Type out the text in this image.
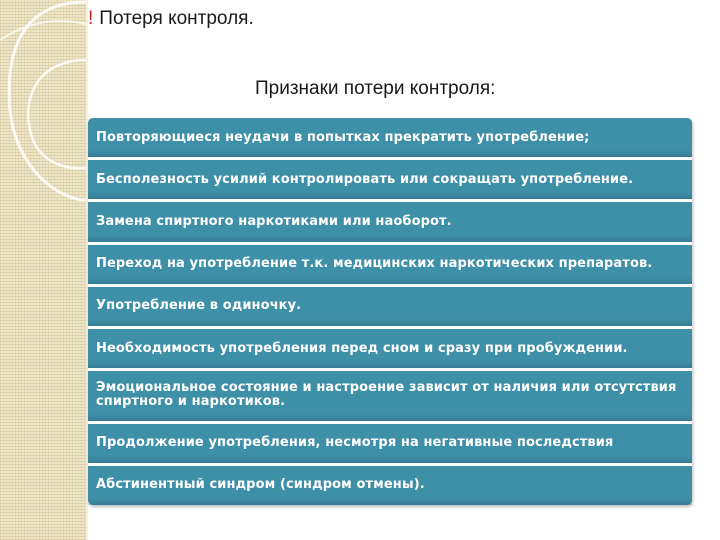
! Потеря контроля.
Признаки потери контроля:
Повторяющиеся неудачи в попытках прекратить употребление;
Бесполезность усилий контролировать или сокращать употребление.
Замена спиртного наркотиками или наоборот.
Переход на употребление т.к. медицинских наркотических препаратов.
Употребление в одиночку.
Необходимость употребления перед сном и сразу при пробуждении.
Эмоциональное состояние и настроение зависит от наличия или отсутствия спиртного и наркотиков.
Продолжение употребления, несмотря на негативные последствия
Абстинентный синдром (синдром отмены).
